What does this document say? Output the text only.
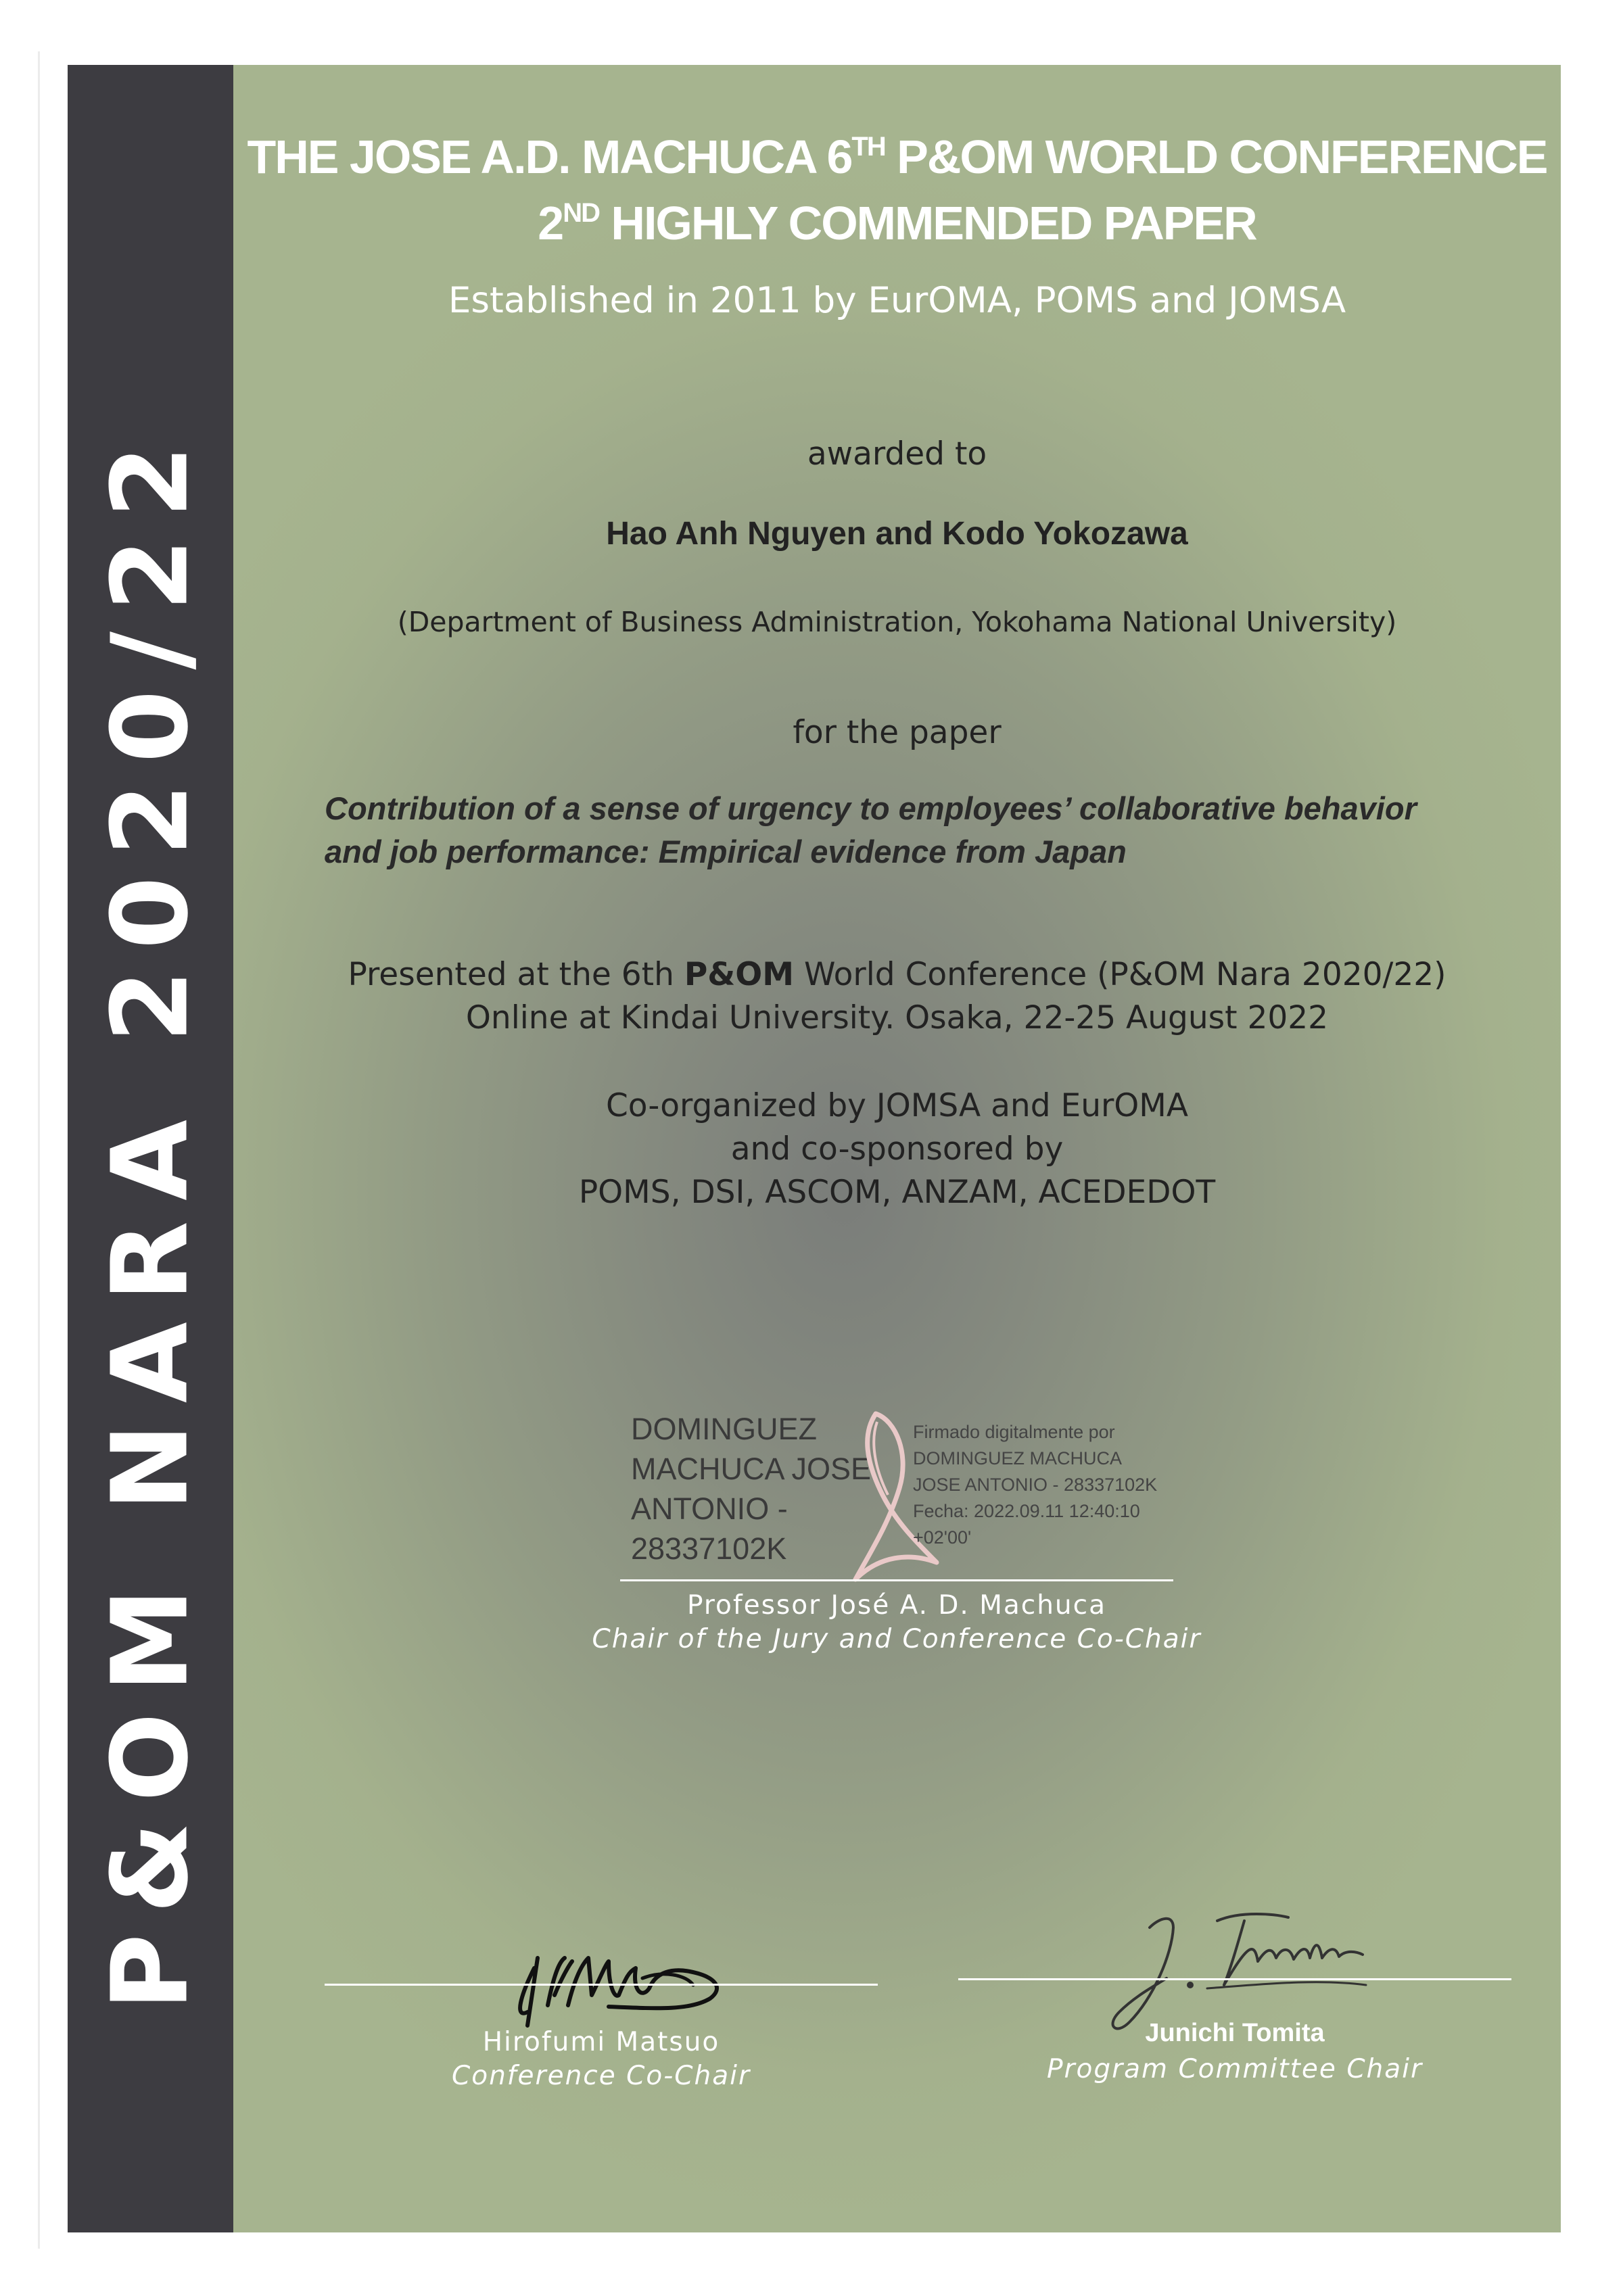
P&OM NARA 2020/22

THE JOSE A.D. MACHUCA 6TH P&OM WORLD CONFERENCE

2ND HIGHLY COMMENDED PAPER

Established in 2011 by EurOMA, POMS and JOMSA

awarded to

Hao Anh Nguyen and Kodo Yokozawa

(Department of Business Administration, Yokohama National University)

for the paper

Contribution of a sense of urgency to employees’ collaborative behavior
and job performance: Empirical evidence from Japan

Presented at the 6th P&OM World Conference (P&OM Nara 2020/22)

Online at Kindai University. Osaka, 22-25 August 2022

Co-organized by JOMSA and EurOMA

and co-sponsored by

POMS, DSI, ASCOM, ANZAM, ACEDEDOT

DOMINGUEZ
MACHUCA JOSE
ANTONIO -
28337102K

Firmado digitalmente por
DOMINGUEZ MACHUCA
JOSE ANTONIO - 28337102K
Fecha: 2022.09.11 12:40:10
+02'00'

Professor José A. D. Machuca

Chair of the Jury and Conference Co-Chair

Hirofumi Matsuo

Conference Co-Chair

Junichi Tomita

Program Committee Chair
